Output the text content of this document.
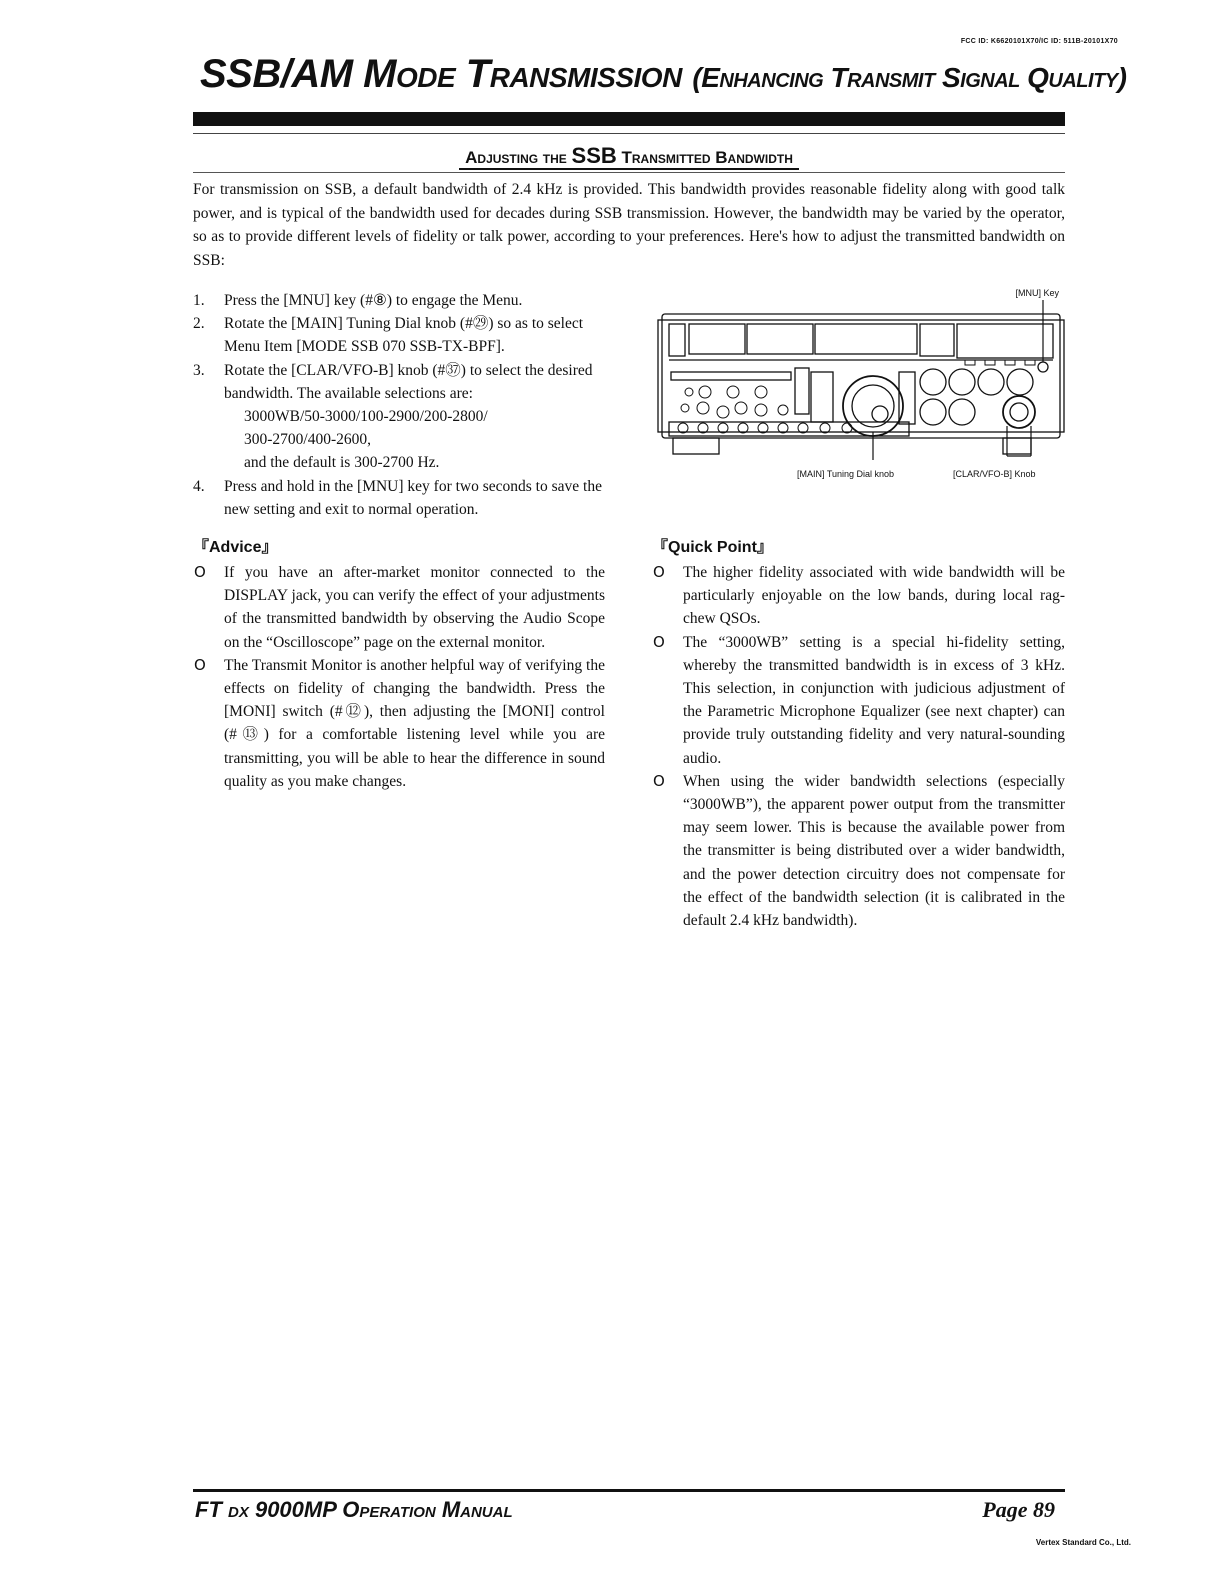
FCC ID: K6620101X70/IC ID: 511B-20101X70
SSB/AM Mode Transmission (Enhancing Transmit Signal Quality)
Adjusting the SSB Transmitted Bandwidth

For transmission on SSB, a default bandwidth of 2.4 kHz is provided. This bandwidth provides reasonable fidelity along with good talk power, and is typical of the bandwidth used for decades during SSB transmission. However, the bandwidth may be varied by the operator, so as to provide different levels of fidelity or talk power, according to your preferences. Here's how to adjust the transmitted bandwidth on SSB:

1. Press the [MNU] key (#⑧) to engage the Menu.
2. Rotate the [MAIN] Tuning Dial knob (#㉙) so as to select Menu Item [MODE SSB 070 SSB-TX-BPF].
3. Rotate the [CLAR/VFO-B] knob (#㊲) to select the desired bandwidth. The available selections are:
3000WB/50-3000/100-2900/200-2800/
300-2700/400-2600,
and the default is 300-2700 Hz.
4. Press and hold in the [MNU] key for two seconds to save the new setting and exit to normal operation.
[MNU] Key
[MAIN] Tuning Dial knob	[CLAR/VFO-B] Knob
『Advice』
O If you have an after-market monitor connected to the DISPLAY jack, you can verify the effect of your adjustments of the transmitted bandwidth by observing the Audio Scope on the “Oscilloscope” page on the external monitor.
O The Transmit Monitor is another helpful way of verifying the effects on fidelity of changing the bandwidth. Press the [MONI] switch (#⑫), then adjusting the [MONI] control (#⑬) for a comfortable listening level while you are transmitting, you will be able to hear the difference in sound quality as you make changes.
『Quick Point』
O The higher fidelity associated with wide bandwidth will be particularly enjoyable on the low bands, during local rag-chew QSOs.
O The “3000WB” setting is a special hi-fidelity setting, whereby the transmitted bandwidth is in excess of 3 kHz. This selection, in conjunction with judicious adjustment of the Parametric Microphone Equalizer (see next chapter) can provide truly outstanding fidelity and very natural-sounding audio.
O When using the wider bandwidth selections (especially “3000WB”), the apparent power output from the transmitter may seem lower. This is because the available power from the transmitter is being distributed over a wider bandwidth, and the power detection circuitry does not compensate for the effect of the bandwidth selection (it is calibrated in the default 2.4 kHz bandwidth).
FT DX 9000MP Operation Manual	Page 89
Vertex Standard Co., Ltd.
